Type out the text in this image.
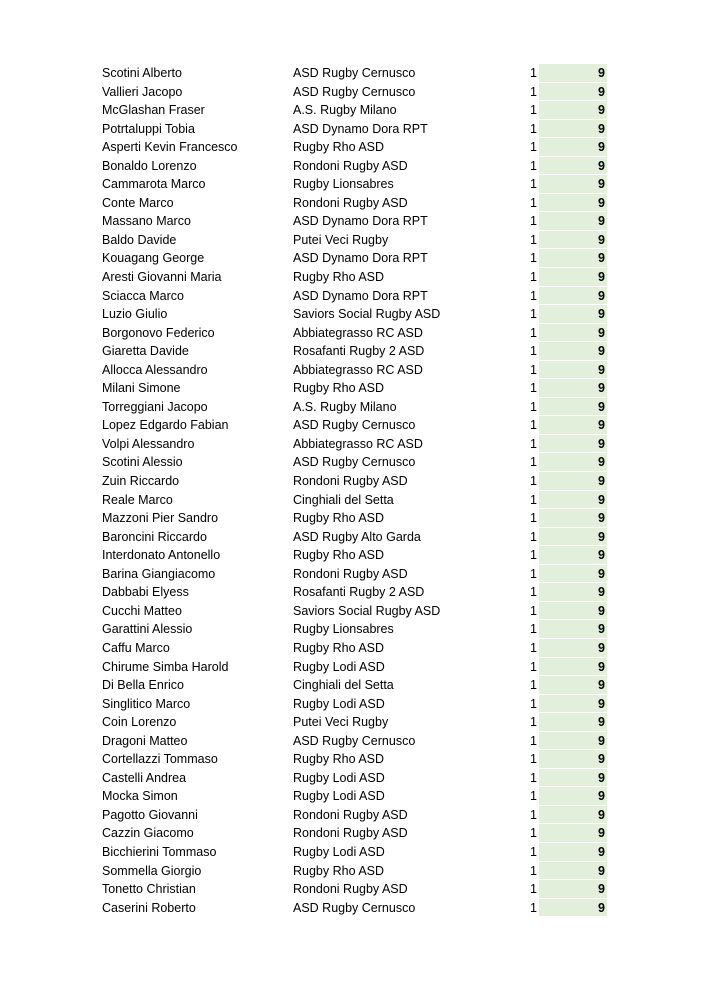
Scotini Alberto	ASD Rugby Cernusco	1	9
Vallieri Jacopo	ASD Rugby Cernusco	1	9
McGlashan Fraser	A.S. Rugby Milano	1	9
Potrtaluppi Tobia	ASD Dynamo Dora RPT	1	9
Asperti Kevin Francesco	Rugby Rho ASD	1	9
Bonaldo Lorenzo	Rondoni Rugby ASD	1	9
Cammarota Marco	Rugby Lionsabres	1	9
Conte Marco	Rondoni Rugby ASD	1	9
Massano Marco	ASD Dynamo Dora RPT	1	9
Baldo Davide	Putei Veci Rugby	1	9
Kouagang George	ASD Dynamo Dora RPT	1	9
Aresti Giovanni Maria	Rugby Rho ASD	1	9
Sciacca Marco	ASD Dynamo Dora RPT	1	9
Luzio Giulio	Saviors Social Rugby ASD	1	9
Borgonovo Federico	Abbiategrasso RC ASD	1	9
Giaretta Davide	Rosafanti Rugby 2 ASD	1	9
Allocca Alessandro	Abbiategrasso RC ASD	1	9
Milani Simone	Rugby Rho ASD	1	9
Torreggiani Jacopo	A.S. Rugby Milano	1	9
Lopez Edgardo Fabian	ASD Rugby Cernusco	1	9
Volpi Alessandro	Abbiategrasso RC ASD	1	9
Scotini Alessio	ASD Rugby Cernusco	1	9
Zuin Riccardo	Rondoni Rugby ASD	1	9
Reale Marco	Cinghiali del Setta	1	9
Mazzoni Pier Sandro	Rugby Rho ASD	1	9
Baroncini Riccardo	ASD Rugby Alto Garda	1	9
Interdonato Antonello	Rugby Rho ASD	1	9
Barina Giangiacomo	Rondoni Rugby ASD	1	9
Dabbabi Elyess	Rosafanti Rugby 2 ASD	1	9
Cucchi Matteo	Saviors Social Rugby ASD	1	9
Garattini Alessio	Rugby Lionsabres	1	9
Caffu Marco	Rugby Rho ASD	1	9
Chirume Simba Harold	Rugby Lodi ASD	1	9
Di Bella Enrico	Cinghiali del Setta	1	9
Singlitico Marco	Rugby Lodi ASD	1	9
Coin Lorenzo	Putei Veci Rugby	1	9
Dragoni Matteo	ASD Rugby Cernusco	1	9
Cortellazzi Tommaso	Rugby Rho ASD	1	9
Castelli Andrea	Rugby Lodi ASD	1	9
Mocka Simon	Rugby Lodi ASD	1	9
Pagotto Giovanni	Rondoni Rugby ASD	1	9
Cazzin Giacomo	Rondoni Rugby ASD	1	9
Bicchierini Tommaso	Rugby Lodi ASD	1	9
Sommella Giorgio	Rugby Rho ASD	1	9
Tonetto Christian	Rondoni Rugby ASD	1	9
Caserini Roberto	ASD Rugby Cernusco	1	9
